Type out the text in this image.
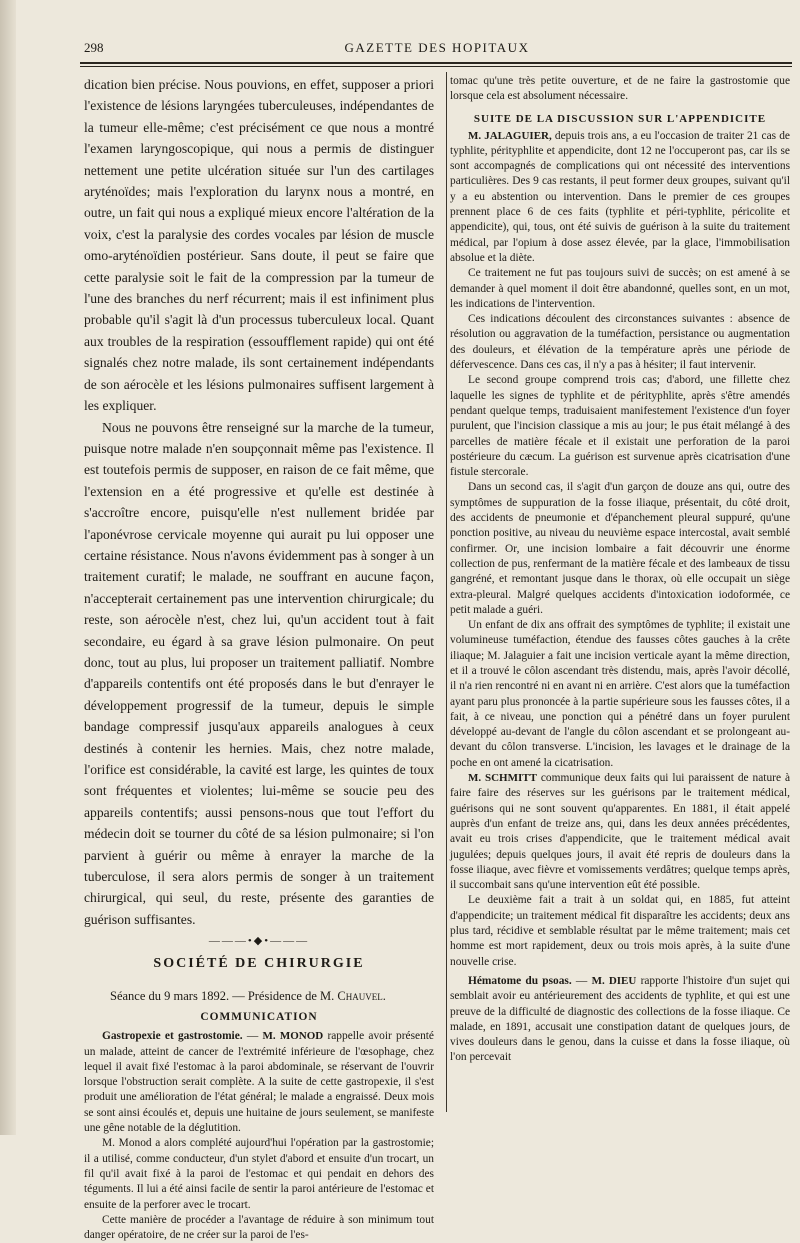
298	GAZETTE DES HOPITAUX

dication bien précise. Nous pouvions, en effet, supposer a priori l'existence de lésions laryngées tuberculeuses, indépendantes de la tumeur elle-même; c'est précisément ce que nous a montré l'examen laryngoscopique, qui nous a permis de distinguer nettement une petite ulcération située sur l'un des cartilages aryténoïdes; mais l'exploration du larynx nous a montré, en outre, un fait qui nous a expliqué mieux encore l'altération de la voix, c'est la paralysie des cordes vocales par lésion de muscle omo-aryténoïdien postérieur. Sans doute, il peut se faire que cette paralysie soit le fait de la compression par la tumeur de l'une des branches du nerf récurrent; mais il est infiniment plus probable qu'il s'agit là d'un processus tuberculeux local. Quant aux troubles de la respiration (essoufflement rapide) qui ont été signalés chez notre malade, ils sont certainement indépendants de son aérocèle et les lésions pulmonaires suffisent largement à les expliquer.

Nous ne pouvons être renseigné sur la marche de la tumeur, puisque notre malade n'en soupçonnait même pas l'existence. Il est toutefois permis de supposer, en raison de ce fait même, que l'extension en a été progressive et qu'elle est destinée à s'accroître encore, puisqu'elle n'est nullement bridée par l'aponévrose cervicale moyenne qui aurait pu lui opposer une certaine résistance. Nous n'avons évidemment pas à songer à un traitement curatif; le malade, ne souffrant en aucune façon, n'accepterait certainement pas une intervention chirurgicale; du reste, son aérocèle n'est, chez lui, qu'un accident tout à fait secondaire, eu égard à sa grave lésion pulmonaire. On peut donc, tout au plus, lui proposer un traitement palliatif. Nombre d'appareils contentifs ont été proposés dans le but d'enrayer le développement progressif de la tumeur, depuis le simple bandage compressif jusqu'aux appareils analogues à ceux destinés à contenir les hernies. Mais, chez notre malade, l'orifice est considérable, la cavité est large, les quintes de toux sont fréquentes et violentes; lui-même se soucie peu des appareils contentifs; aussi pensons-nous que tout l'effort du médecin doit se tourner du côté de sa lésion pulmonaire; si l'on parvient à guérir ou même à enrayer la marche de la tuberculose, il sera alors permis de songer à un traitement chirurgical, qui seul, du reste, présente des garanties de guérison suffisantes.

———•◆•———
SOCIÉTÉ DE CHIRURGIE

Séance du 9 mars 1892. — Présidence de M. Chauvel.

COMMUNICATION

Gastropexie et gastrostomie. — M. MONOD rappelle avoir présenté un malade, atteint de cancer de l'extrémité inférieure de l'œsophage, chez lequel il avait fixé l'estomac à la paroi abdominale, se réservant de l'ouvrir lorsque l'obstruction serait complète. A la suite de cette gastropexie, il s'est produit une amélioration de l'état général; le malade a engraissé. Deux mois se sont ainsi écoulés et, depuis une huitaine de jours seulement, se manifeste une gêne notable de la déglutition.

M. Monod a alors complété aujourd'hui l'opération par la gastrostomie; il a utilisé, comme conducteur, d'un stylet d'abord et ensuite d'un trocart, un fil qu'il avait fixé à la paroi de l'estomac et qui pendait en dehors des téguments. Il lui a été ainsi facile de sentir la paroi antérieure de l'estomac et ensuite de la perforer avec le trocart.

Cette manière de procéder a l'avantage de réduire à son minimum tout danger opératoire, de ne créer sur la paroi de l'es-

tomac qu'une très petite ouverture, et de ne faire la gastrostomie que lorsque cela est absolument nécessaire.

SUITE DE LA DISCUSSION SUR L'APPENDICITE

M. JALAGUIER, depuis trois ans, a eu l'occasion de traiter 21 cas de typhlite, pérityphlite et appendicite, dont 12 ne l'occuperont pas, car ils se sont accompagnés de complications qui ont nécessité des interventions particulières. Des 9 cas restants, il peut former deux groupes, suivant qu'il y a eu abstention ou intervention. Dans le premier de ces groupes prennent place 6 de ces faits (typhlite et péri-typhlite, péricolite et appendicite), qui, tous, ont été suivis de guérison à la suite du traitement médical, par l'opium à dose assez élevée, par la glace, l'immobilisation absolue et la diète.

Ce traitement ne fut pas toujours suivi de succès; on est amené à se demander à quel moment il doit être abandonné, quelles sont, en un mot, les indications de l'intervention.

Ces indications découlent des circonstances suivantes : absence de résolution ou aggravation de la tuméfaction, persistance ou augmentation des douleurs, et élévation de la température après une période de défervescence. Dans ces cas, il n'y a pas à hésiter; il faut intervenir.

Le second groupe comprend trois cas; d'abord, une fillette chez laquelle les signes de typhlite et de pérityphlite, après s'être amendés pendant quelque temps, traduisaient manifestement l'existence d'un foyer purulent, que l'incision classique a mis au jour; le pus était mélangé à des parcelles de matière fécale et il existait une perforation de la paroi postérieure du cæcum. La guérison est survenue après cicatrisation d'une fistule stercorale.

Dans un second cas, il s'agit d'un garçon de douze ans qui, outre des symptômes de suppuration de la fosse iliaque, présentait, du côté droit, des accidents de pneumonie et d'épanchement pleural suppuré, qu'une ponction positive, au niveau du neuvième espace intercostal, avait semblé confirmer. Or, une incision lombaire a fait découvrir une énorme collection de pus, renfermant de la matière fécale et des lambeaux de tissu gangréné, et remontant jusque dans le thorax, où elle occupait un siège extra-pleural. Malgré quelques accidents d'intoxication iodoformée, ce petit malade a guéri.

Un enfant de dix ans offrait des symptômes de typhlite; il existait une volumineuse tuméfaction, étendue des fausses côtes gauches à la crête iliaque; M. Jalaguier a fait une incision verticale ayant la même direction, et il a trouvé le côlon ascendant très distendu, mais, après l'avoir décollé, il n'a rien rencontré ni en avant ni en arrière. C'est alors que la tuméfaction ayant paru plus prononcée à la partie supérieure sous les fausses côtes, il a fait, à ce niveau, une ponction qui a pénétré dans un foyer purulent développé au-devant de l'angle du côlon ascendant et se prolongeant au-devant du côlon transverse. L'incision, les lavages et le drainage de la poche en ont amené la cicatrisation.

M. SCHMITT communique deux faits qui lui paraissent de nature à faire faire des réserves sur les guérisons par le traitement médical, guérisons qui ne sont souvent qu'apparentes. En 1881, il était appelé auprès d'un enfant de treize ans, qui, dans les deux années précédentes, avait eu trois crises d'appendicite, que le traitement médical avait jugulées; depuis quelques jours, il avait été repris de douleurs dans la fosse iliaque, avec fièvre et vomissements verdâtres; quelque temps après, il succombait sans qu'une intervention eût été possible.

Le deuxième fait a trait à un soldat qui, en 1885, fut atteint d'appendicite; un traitement médical fit disparaître les accidents; deux ans plus tard, récidive et semblable résultat par le même traitement; mais cet homme est mort rapidement, deux ou trois mois après, à la suite d'une nouvelle crise.

Hématome du psoas. — M. DIEU rapporte l'histoire d'un sujet qui semblait avoir eu antérieurement des accidents de typhlite, et qui est une preuve de la difficulté de diagnostic des collections de la fosse iliaque. Ce malade, en 1891, accusait une constipation datant de quelques jours, de vives douleurs dans le genou, dans la cuisse et dans la fosse iliaque, où l'on percevait
